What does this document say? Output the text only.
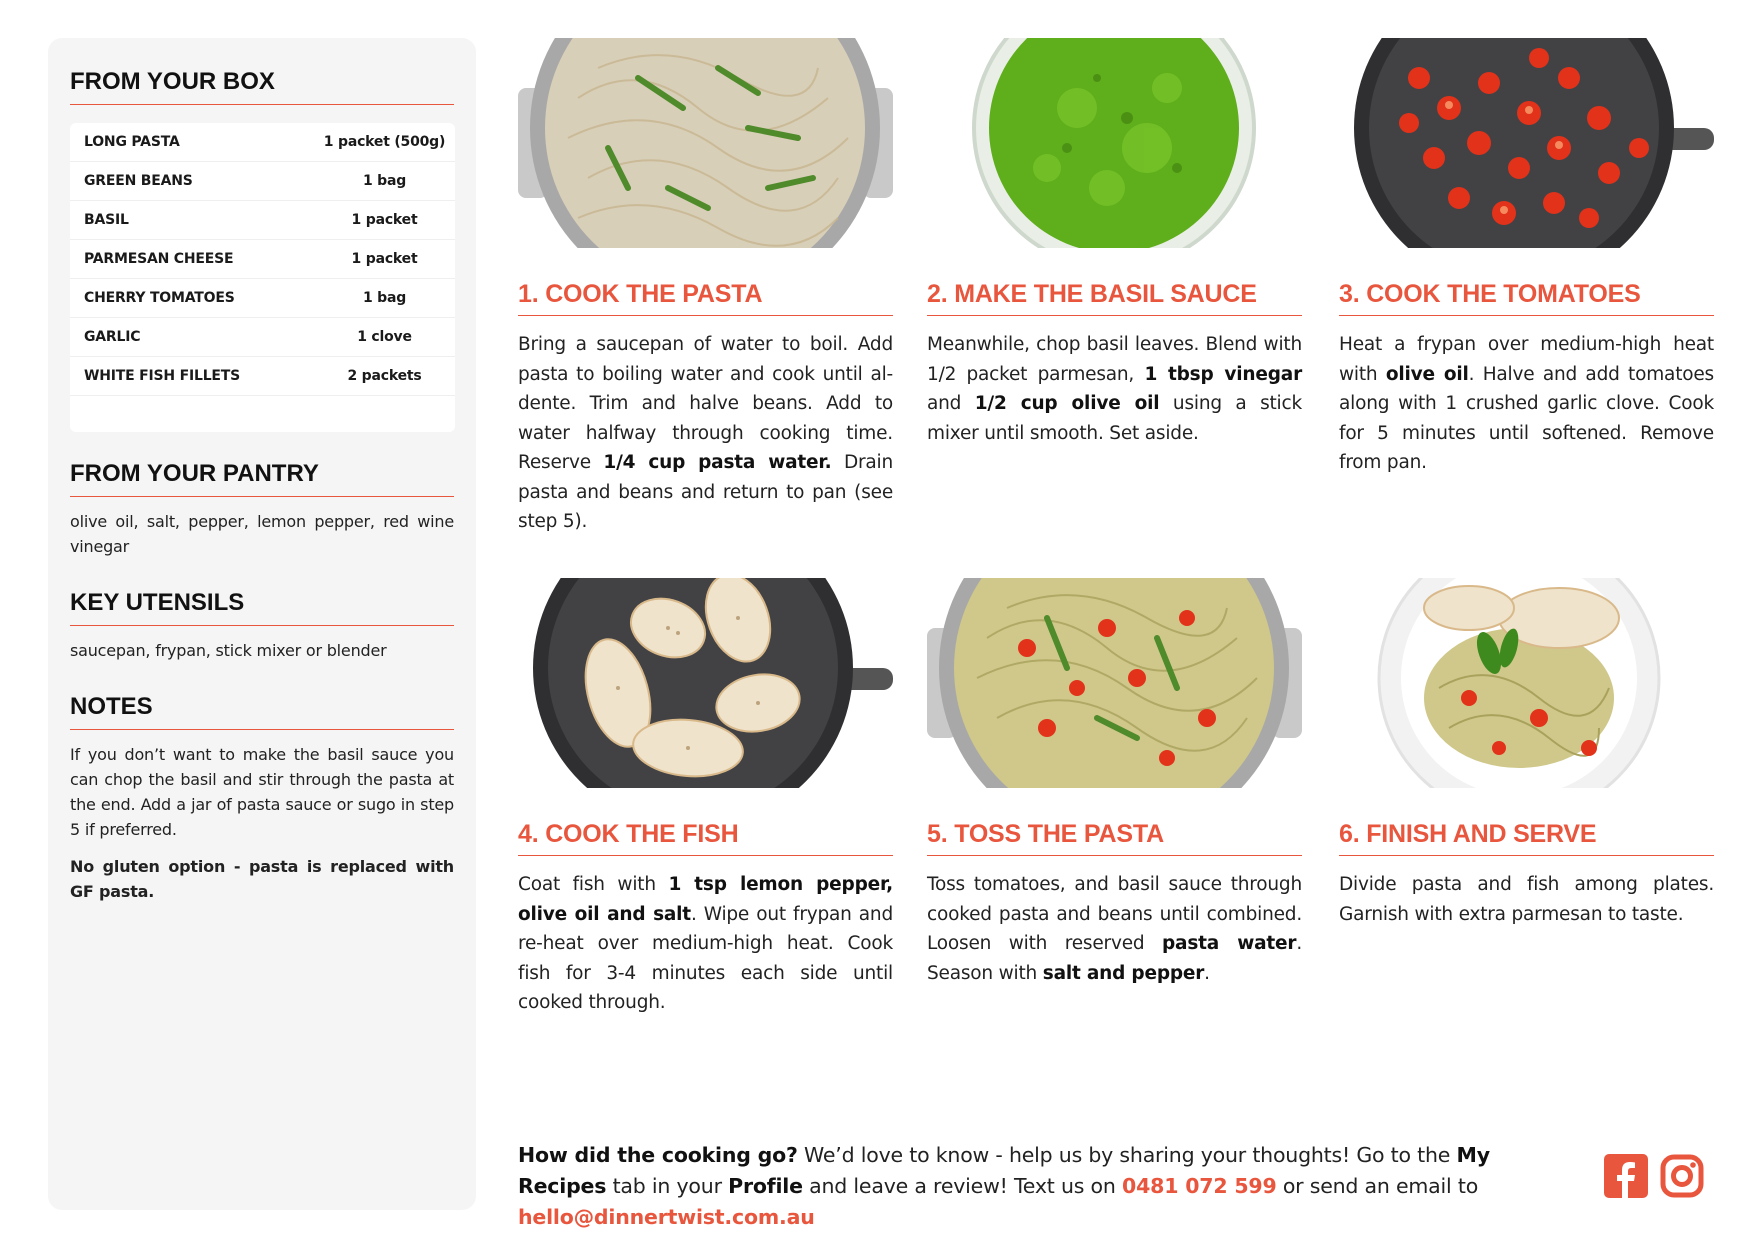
FROM YOUR BOX
LONG PASTA	1 packet (500g)
GREEN BEANS	1 bag
BASIL	1 packet
PARMESAN CHEESE	1 packet
CHERRY TOMATOES	1 bag
GARLIC	1 clove
WHITE FISH FILLETS	2 packets
FROM YOUR PANTRY

olive oil, salt, pepper, lemon pepper, red wine vinegar

KEY UTENSILS

saucepan, frypan, stick mixer or blender

NOTES

If you don’t want to make the basil sauce you can chop the basil and stir through the pasta at the end. Add a jar of pasta sauce or sugo in step 5 if preferred.

No gluten option - pasta is replaced with GF pasta.

1. COOK THE PASTA
Bring a saucepan of water to boil. Add pasta to boiling water and cook until al-dente. Trim and halve beans. Add to water halfway through cooking time. Reserve 1/4 cup pasta water. Drain pasta and beans and return to pan (see step 5).
2. MAKE THE BASIL SAUCE
Meanwhile, chop basil leaves. Blend with 1/2 packet parmesan, 1 tbsp vinegar and 1/2 cup olive oil using a stick mixer until smooth. Set aside.
3. COOK THE TOMATOES
Heat a frypan over medium-high heat with olive oil. Halve and add tomatoes along with 1 crushed garlic clove. Cook for 5 minutes until softened. Remove from pan.
4. COOK THE FISH
Coat fish with 1 tsp lemon pepper, olive oil and salt. Wipe out frypan and re-heat over medium-high heat. Cook fish for 3-4 minutes each side until cooked through.
5. TOSS THE PASTA
Toss tomatoes, and basil sauce through cooked pasta and beans until combined. Loosen with reserved pasta water. Season with salt and pepper.
6. FINISH AND SERVE
Divide pasta and fish among plates. Garnish with extra parmesan to taste.
How did the cooking go? We’d love to know - help us by sharing your thoughts! Go to the My Recipes tab in your Profile and leave a review! Text us on 0481 072 599 or send an email to hello@dinnertwist.com.au
